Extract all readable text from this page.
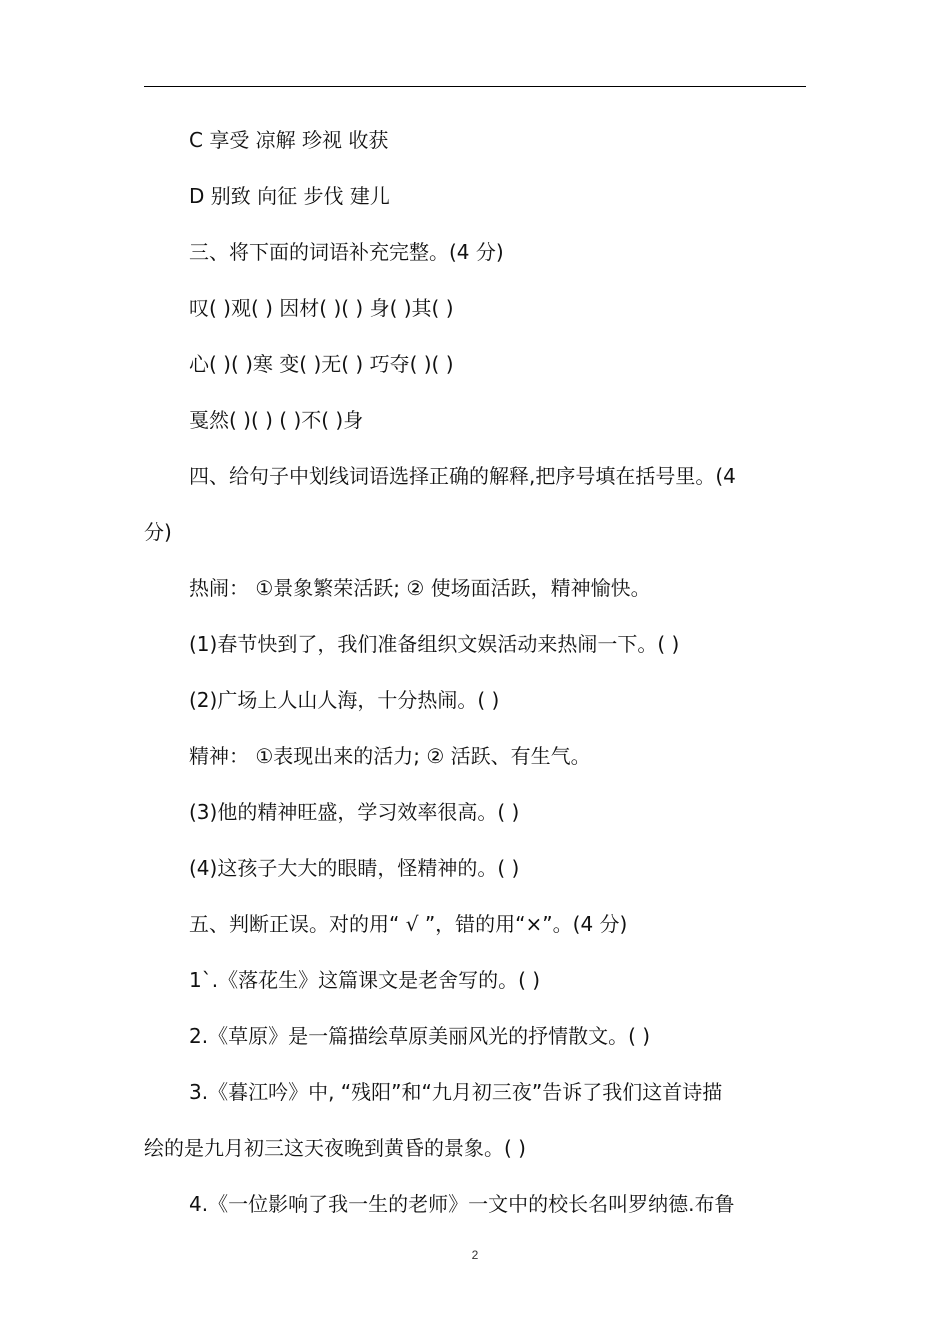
C 享受 凉解 珍视 收获
D 别致 向征 步伐 建儿
三、将下面的词语补充完整。(4 分)
叹( )观( ) 因材( )( ) 身( )其( )
心( )( )寒 变( )无( ) 巧夺( )( )
戛然( )( ) ( )不( )身
四、给句子中划线词语选择正确的解释,把序号填在括号里。(4
分)
热闹： ①景象繁荣活跃; ② 使场面活跃，精神愉快。
(1)春节快到了，我们准备组织文娱活动来热闹一下。( )
(2)广场上人山人海，十分热闹。( )
精神： ①表现出来的活力; ② 活跃、有生气。
(3)他的精神旺盛，学习效率很高。( )
(4)这孩子大大的眼睛，怪精神的。( )
五、判断正误。对的用“ √ ”，错的用“×”。(4 分)
1`.《落花生》这篇课文是老舍写的。( )
2.《草原》是一篇描绘草原美丽风光的抒情散文。( )
3.《暮江吟》中, “残阳”和“九月初三夜”告诉了我们这首诗描
绘的是九月初三这天夜晚到黄昏的景象。( )
4.《一位影响了我一生的老师》一文中的校长名叫罗纳德.布鲁
2
